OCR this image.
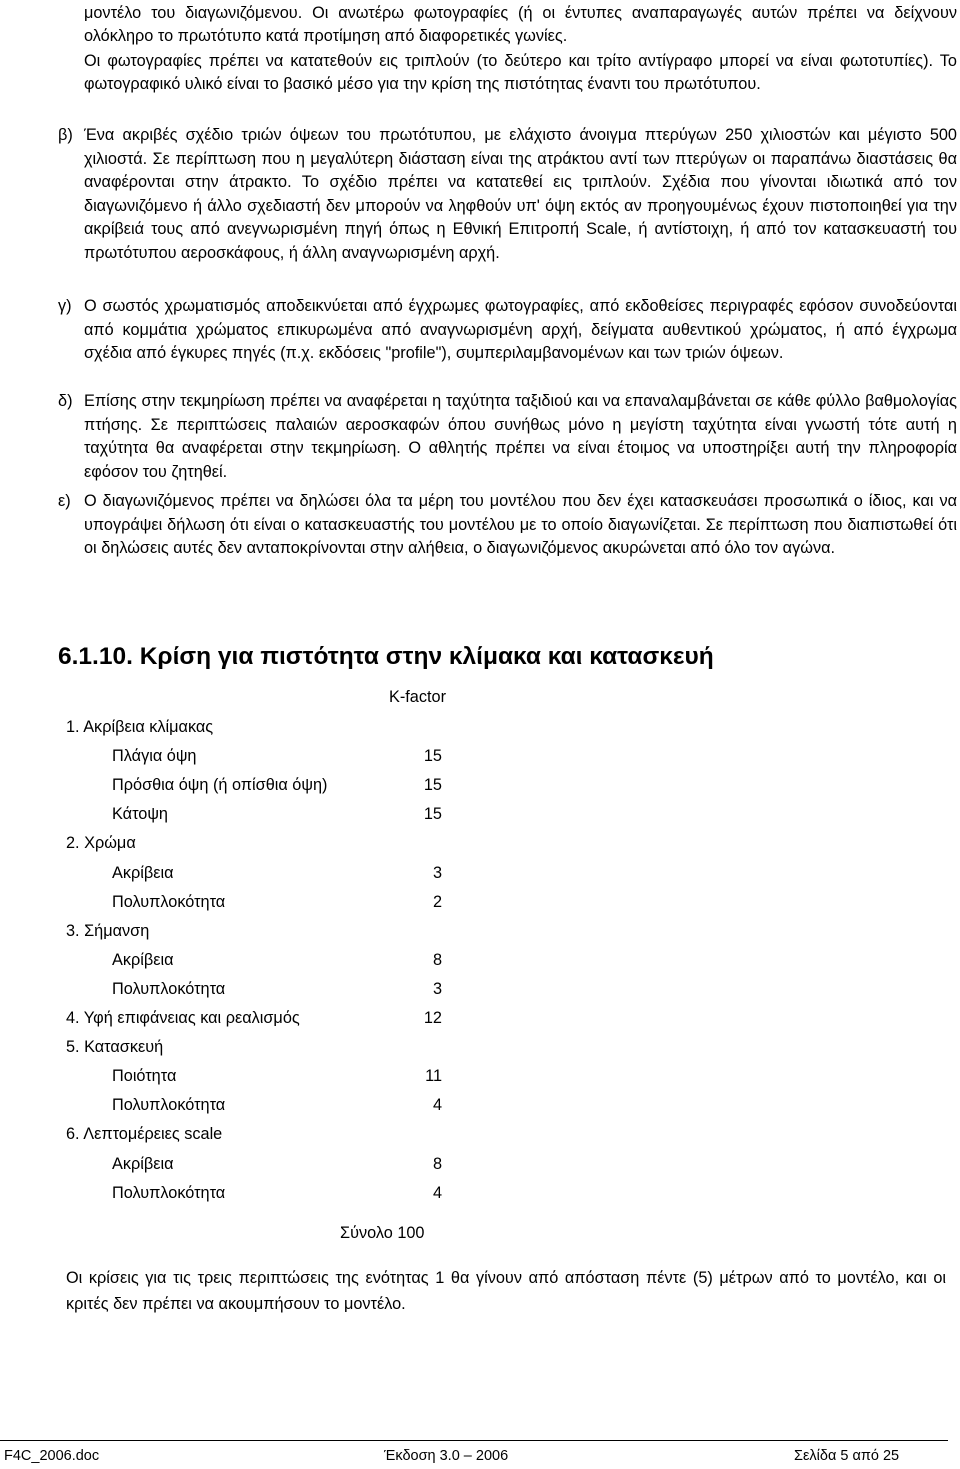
μοντέλο του διαγωνιζόμενου. Οι ανωτέρω φωτογραφίες (ή οι έντυπες αναπαραγωγές αυτών πρέπει να δείχνουν ολόκληρο το πρωτότυπο κατά προτίμηση από διαφορετικές γωνίες.
Οι φωτογραφίες πρέπει να κατατεθούν εις τριπλούν (το δεύτερο και τρίτο αντίγραφο μπορεί να είναι φωτοτυπίες). Το φωτογραφικό υλικό είναι το βασικό μέσο για την κρίση της πιστότητας έναντι του πρωτότυπου.
β) Ένα ακριβές σχέδιο τριών όψεων του πρωτότυπου, με ελάχιστο άνοιγμα πτερύγων 250 χιλιοστών και μέγιστο 500 χιλιοστά. Σε περίπτωση που η μεγαλύτερη διάσταση είναι της ατράκτου αντί των πτερύγων οι παραπάνω διαστάσεις θα αναφέρονται στην άτρακτο. Το σχέδιο πρέπει να κατατεθεί εις τριπλούν. Σχέδια που γίνονται ιδιωτικά από τον διαγωνιζόμενο ή άλλο σχεδιαστή δεν μπορούν να ληφθούν υπ' όψη εκτός αν προηγουμένως έχουν πιστοποιηθεί για την ακρίβειά τους από ανεγνωρισμένη πηγή όπως η Εθνική Επιτροπή Scale, ή αντίστοιχη, ή από τον κατασκευαστή του πρωτότυπου αεροσκάφους, ή άλλη αναγνωρισμένη αρχή.
γ) Ο σωστός χρωματισμός αποδεικνύεται από έγχρωμες φωτογραφίες, από εκδοθείσες περιγραφές εφόσον συνοδεύονται από κομμάτια χρώματος επικυρωμένα από αναγνωρισμένη αρχή, δείγματα αυθεντικού χρώματος, ή από έγχρωμα σχέδια από έγκυρες πηγές (π.χ. εκδόσεις "profile"), συμπεριλαμβανομένων και των τριών όψεων.
δ) Επίσης στην τεκμηρίωση πρέπει να αναφέρεται η ταχύτητα ταξιδιού και να επαναλαμβάνεται σε κάθε φύλλο βαθμολογίας πτήσης. Σε περιπτώσεις παλαιών αεροσκαφών όπου συνήθως μόνο η μεγίστη ταχύτητα είναι γνωστή τότε αυτή η ταχύτητα θα αναφέρεται στην τεκμηρίωση. Ο αθλητής πρέπει να είναι έτοιμος να υποστηρίξει αυτή την πληροφορία εφόσον του ζητηθεί.
ε) Ο διαγωνιζόμενος πρέπει να δηλώσει όλα τα μέρη του μοντέλου που δεν έχει κατασκευάσει προσωπικά ο ίδιος, και να υπογράψει δήλωση ότι είναι ο κατασκευαστής του μοντέλου με το οποίο διαγωνίζεται. Σε περίπτωση που διαπιστωθεί ότι οι δηλώσεις αυτές δεν ανταποκρίνονται στην αλήθεια, ο διαγωνιζόμενος ακυρώνεται από όλο τον αγώνα.
6.1.10. Κρίση για πιστότητα στην κλίμακα και κατασκευή
K-factor
1. Ακρίβεια κλίμακας
Πλάγια όψη	15
Πρόσθια όψη (ή οπίσθια όψη)	15
Κάτοψη	15
2. Χρώμα
Ακρίβεια	3
Πολυπλοκότητα	2
3. Σήμανση
Ακρίβεια	8
Πολυπλοκότητα	3
4. Υφή επιφάνειας και ρεαλισμός	12
5. Κατασκευή
Ποιότητα	11
Πολυπλοκότητα	4
6. Λεπτομέρειες scale
Ακρίβεια	8
Πολυπλοκότητα	4
Σύνολο 100
Οι κρίσεις για τις τρεις περιπτώσεις της ενότητας 1 θα γίνουν από απόσταση πέντε (5) μέτρων από το μοντέλο, και οι κριτές δεν πρέπει να ακουμπήσουν το μοντέλο.
F4C_2006.doc	Έκδοση 3.0 – 2006	Σελίδα 5 από 25
